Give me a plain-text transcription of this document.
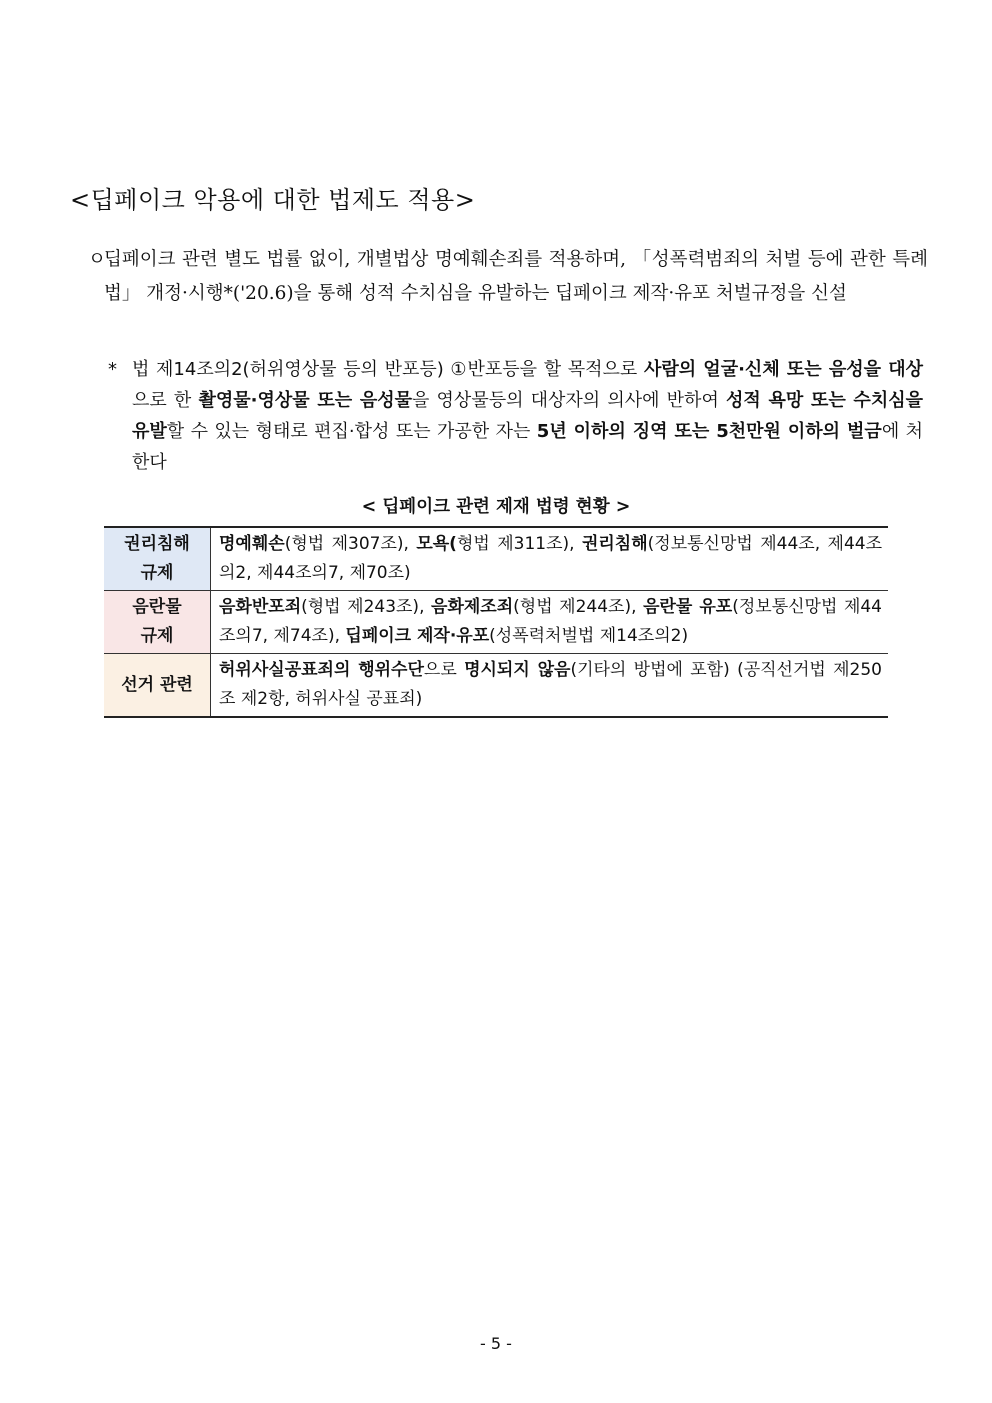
<딥페이크 악용에 대한 법제도 적용>
ㅇ
딥페이크 관련 별도 법률 없이, 개별법상 명예훼손죄를 적용하며, 「성폭력범죄의 처벌 등에 관한 특례법」 개정·시행*('20.6)을 통해 성적 수치심을 유발하는 딥페이크 제작·유포 처벌규정을 신설
* 법 제14조의2(허위영상물 등의 반포등) ①반포등을 할 목적으로 사람의 얼굴·신체 또는 음성을 대상으로 한 촬영물·영상물 또는 음성물을 영상물등의 대상자의 의사에 반하여 성적 욕망 또는 수치심을 유발할 수 있는 형태로 편집·합성 또는 가공한 자는 5년 이하의 징역 또는 5천만원 이하의 벌금에 처한다
< 딥페이크 관련 제재 법령 현황 >
권리침해
규제	명예훼손(형법 제307조), 모욕(형법 제311조), 권리침해(정보통신망법 제44조, 제44조의2, 제44조의7, 제70조)
음란물
규제	음화반포죄(형법 제243조), 음화제조죄(형법 제244조), 음란물 유포(정보통신망법 제44조의7, 제74조), 딥페이크 제작·유포(성폭력처벌법 제14조의2)
선거 관련	허위사실공표죄의 행위수단으로 명시되지 않음(기타의 방법에 포함) (공직선거법 제250조 제2항, 허위사실 공표죄)
- 5 -
